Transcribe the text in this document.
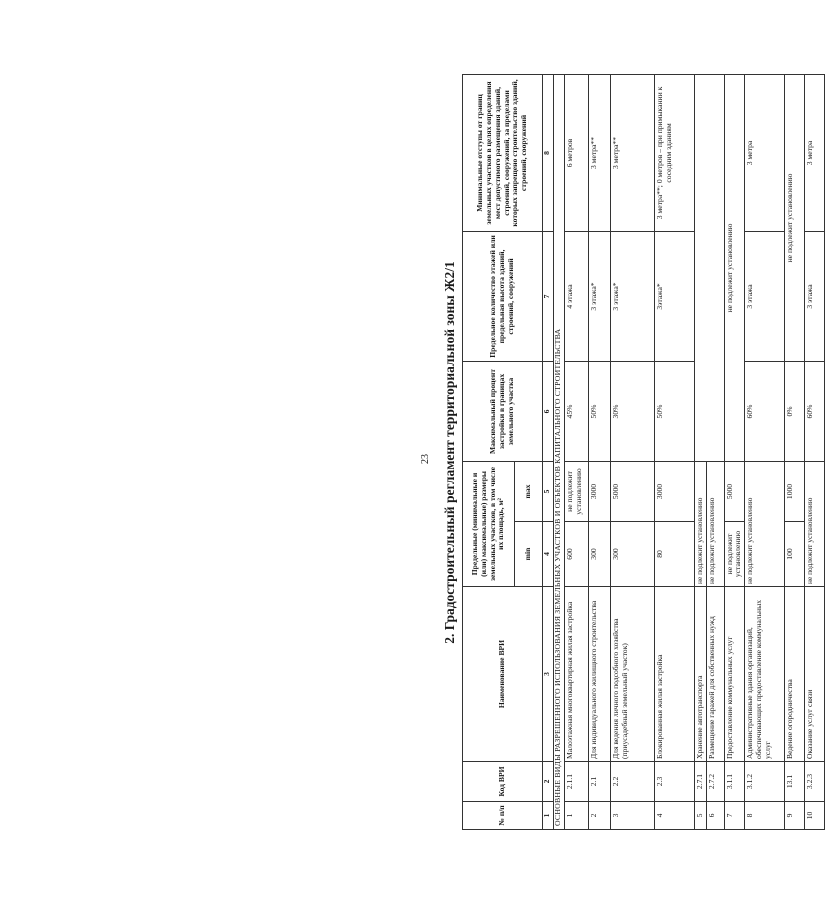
23 2. Градостроительный регламент территориальной зоны Ж2/1
№ п/п	Код ВРИ	Наименование ВРИ	Предельные (минимальные и (или) максимальные) размеры земельных участков, в том числе их площадь, м²		Максимальный процент застройки в границах земельного участка	Предельное количество этажей или предельная высота зданий, строений, сооружений	Минимальные отступы от границ земельных участков в целях определения мест допустимого размещения зданий, строений, сооружений, за пределами которых запрещено строительство зданий, строений, сооружений
			min	max			
1	2	3	4	5	6	7	8
ОСНОВНЫЕ ВИДЫ РАЗРЕШЕННОГО ИСПОЛЬЗОВАНИЯ ЗЕМЕЛЬНЫХ УЧАСТКОВ И ОБЪЕКТОВ КАПИТАЛЬНОГО СТРОИТЕЛЬСТВА							
1	2.1.1	Малоэтажная многоквартирная жилая застройка	600	не подлежит установлению	45%	4 этажа	6 метров
2	2.1	Для индивидуального жилищного строительства	300	3000	50%	3 этажа*	3 метра**
3	2.2	Для ведения личного подсобного хозяйства (приусадебный земельный участок)	300	5000	30%	3 этажа*	3 метра**
4	2.3	Блокированная жилая застройка	80	3000	50%	3этажа*	3 метра**; 0 метров – при примыкании к соседним зданиям
5	2.7.1	Хранение автотранспорта	не подлежит установлению				
6	2.7.2	Размещение гаражей для собственных нужд	не подлежит установлению				
7	3.1.1	Предоставление коммунальных услуг	не подлежит установлению	5000	не подлежит установлению		
8	3.1.2	Административные здания организаций, обеспечивающих предоставление коммунальных услуг	не подлежит установлению		60%	3 этажа	3 метра
9	13.1	Ведение огородничества	100	1000	0%	не подлежит установлению	
10	3.2.3	Оказание услуг связи	не подлежит установлению		60%	3 этажа	3 метра
